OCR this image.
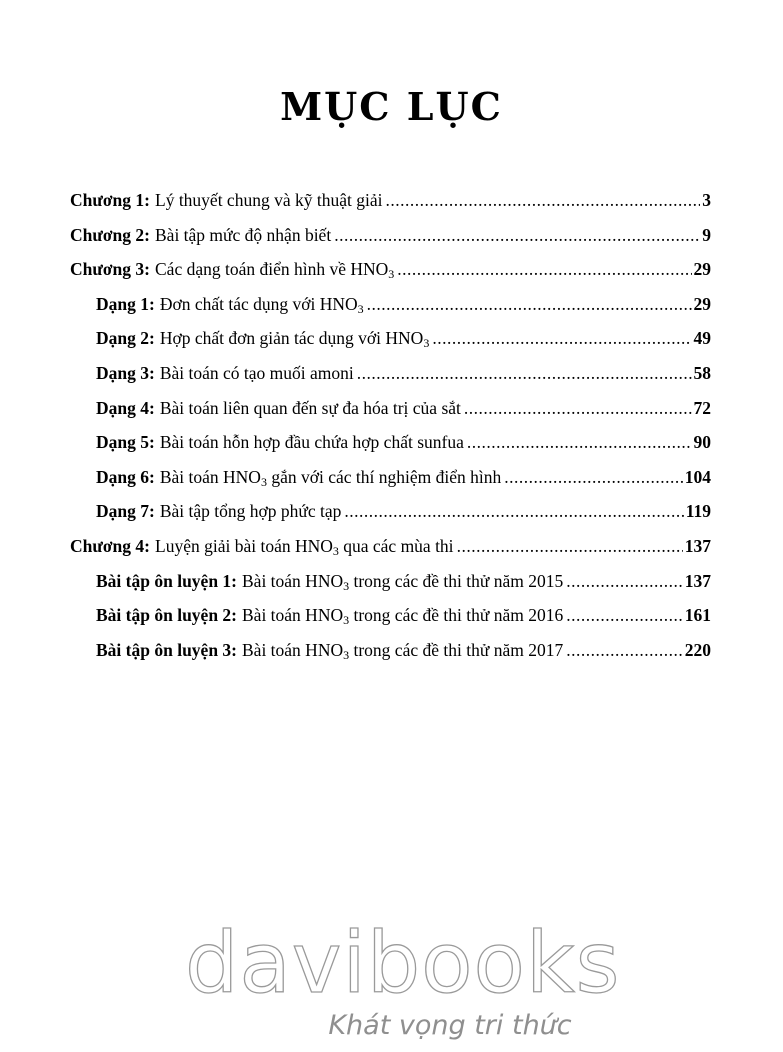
MỤC LỤC
Chương 1: Lý thuyết chung và kỹ thuật giải .....	3
Chương 2: Bài tập mức độ nhận biết .....	9
Chương 3: Các dạng toán điển hình về $HNO_3$ .....	29
Dạng 1: Đơn chất tác dụng với $HNO_3$ .....	29
Dạng 2: Hợp chất đơn giản tác dụng với $HNO_3$ .....	49
Dạng 3: Bài toán có tạo muối amoni .....	58
Dạng 4: Bài toán liên quan đến sự đa hóa trị của sắt .....	72
Dạng 5: Bài toán hỗn hợp đầu chứa hợp chất sunfua .....	90
Dạng 6: Bài toán $HNO_3$ gắn với các thí nghiệm điển hình .....	104
Dạng 7: Bài tập tổng hợp phức tạp .....	119
Chương 4: Luyện giải bài toán $HNO_3$ qua các mùa thi .....	137
Bài tập ôn luyện 1: Bài toán $HNO_3$ trong các đề thi thử năm 2015 .....	137
Bài tập ôn luyện 2: Bài toán $HNO_3$ trong các đề thi thử năm 2016 .....	161
Bài tập ôn luyện 3: Bài toán $HNO_3$ trong các đề thi thử năm 2017 .....	220
davibooks
Khát vọng tri thức
